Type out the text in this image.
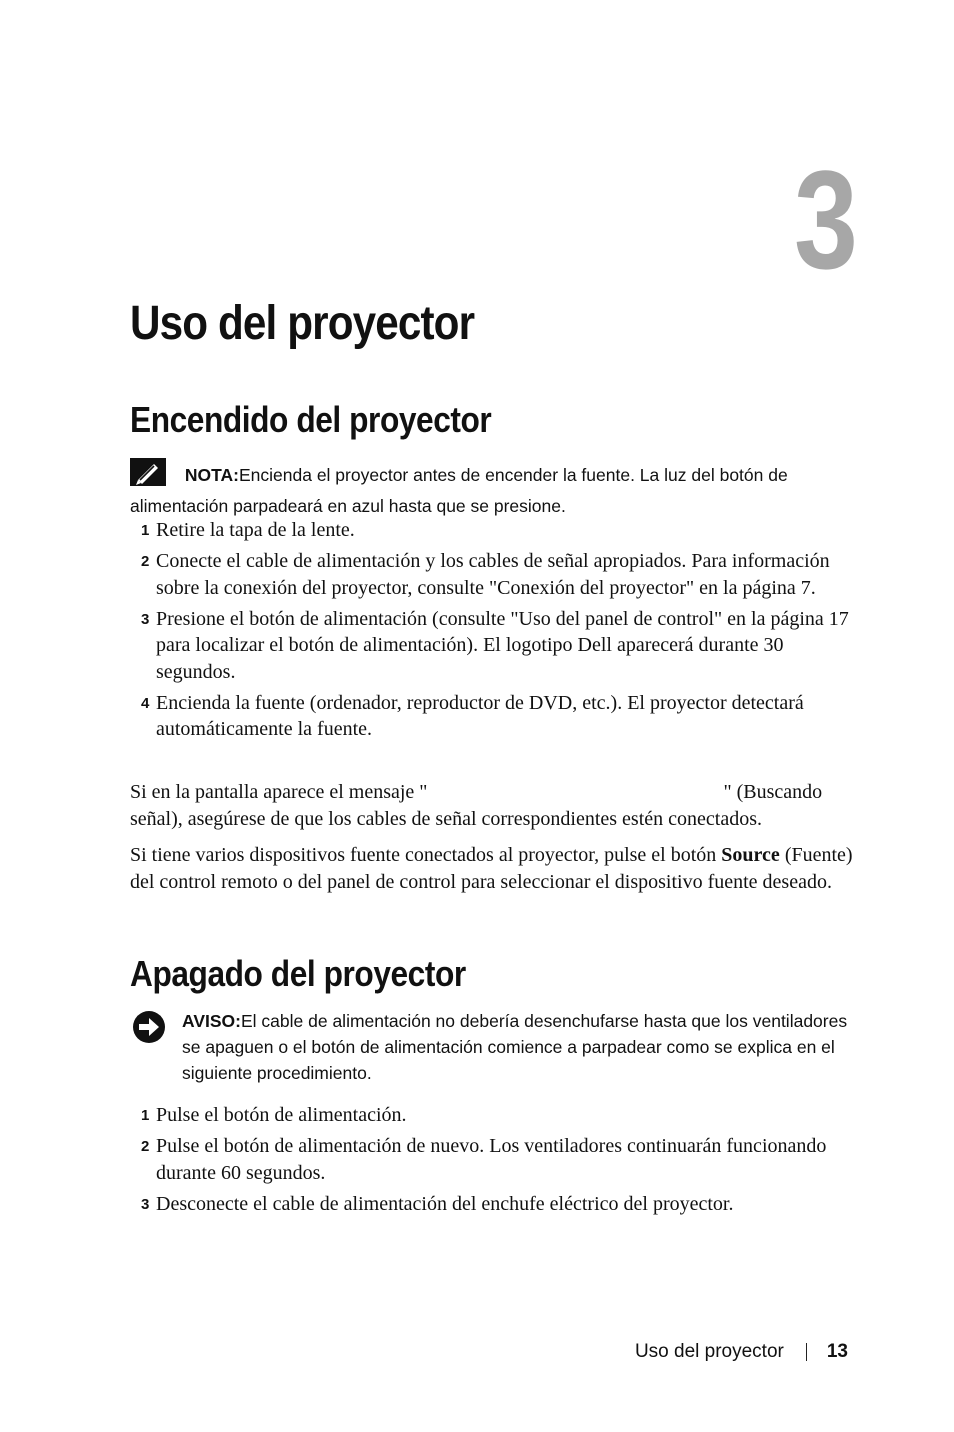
3
Uso del proyector
Encendido del proyector

NOTA:Encienda el proyector antes de encender la fuente. La luz del botón de alimentación parpadeará en azul hasta que se presione.

1 Retire la tapa de la lente.
2 Conecte el cable de alimentación y los cables de señal apropiados. Para información sobre la conexión del proyector, consulte "Conexión del proyector" en la página 7.
3 Presione el botón de alimentación (consulte "Uso del panel de control" en la página 17 para localizar el botón de alimentación). El logotipo Dell aparecerá durante 30 segundos.
4 Encienda la fuente (ordenador, reproductor de DVD, etc.). El proyector detectará automáticamente la fuente.

Si en la pantalla aparece el mensaje "	" (Buscando señal), asegúrese de que los cables de señal correspondientes estén conectados.

Si tiene varios dispositivos fuente conectados al proyector, pulse el botón Source (Fuente) del control remoto o del panel de control para seleccionar el dispositivo fuente deseado.

Apagado del proyector

AVISO:El cable de alimentación no debería desenchufarse hasta que los ventiladores se apaguen o el botón de alimentación comience a parpadear como se explica en el siguiente procedimiento.

1 Pulse el botón de alimentación.
2 Pulse el botón de alimentación de nuevo. Los ventiladores continuarán funcionando durante 60 segundos.
3 Desconecte el cable de alimentación del enchufe eléctrico del proyector.
Uso del proyector 13
